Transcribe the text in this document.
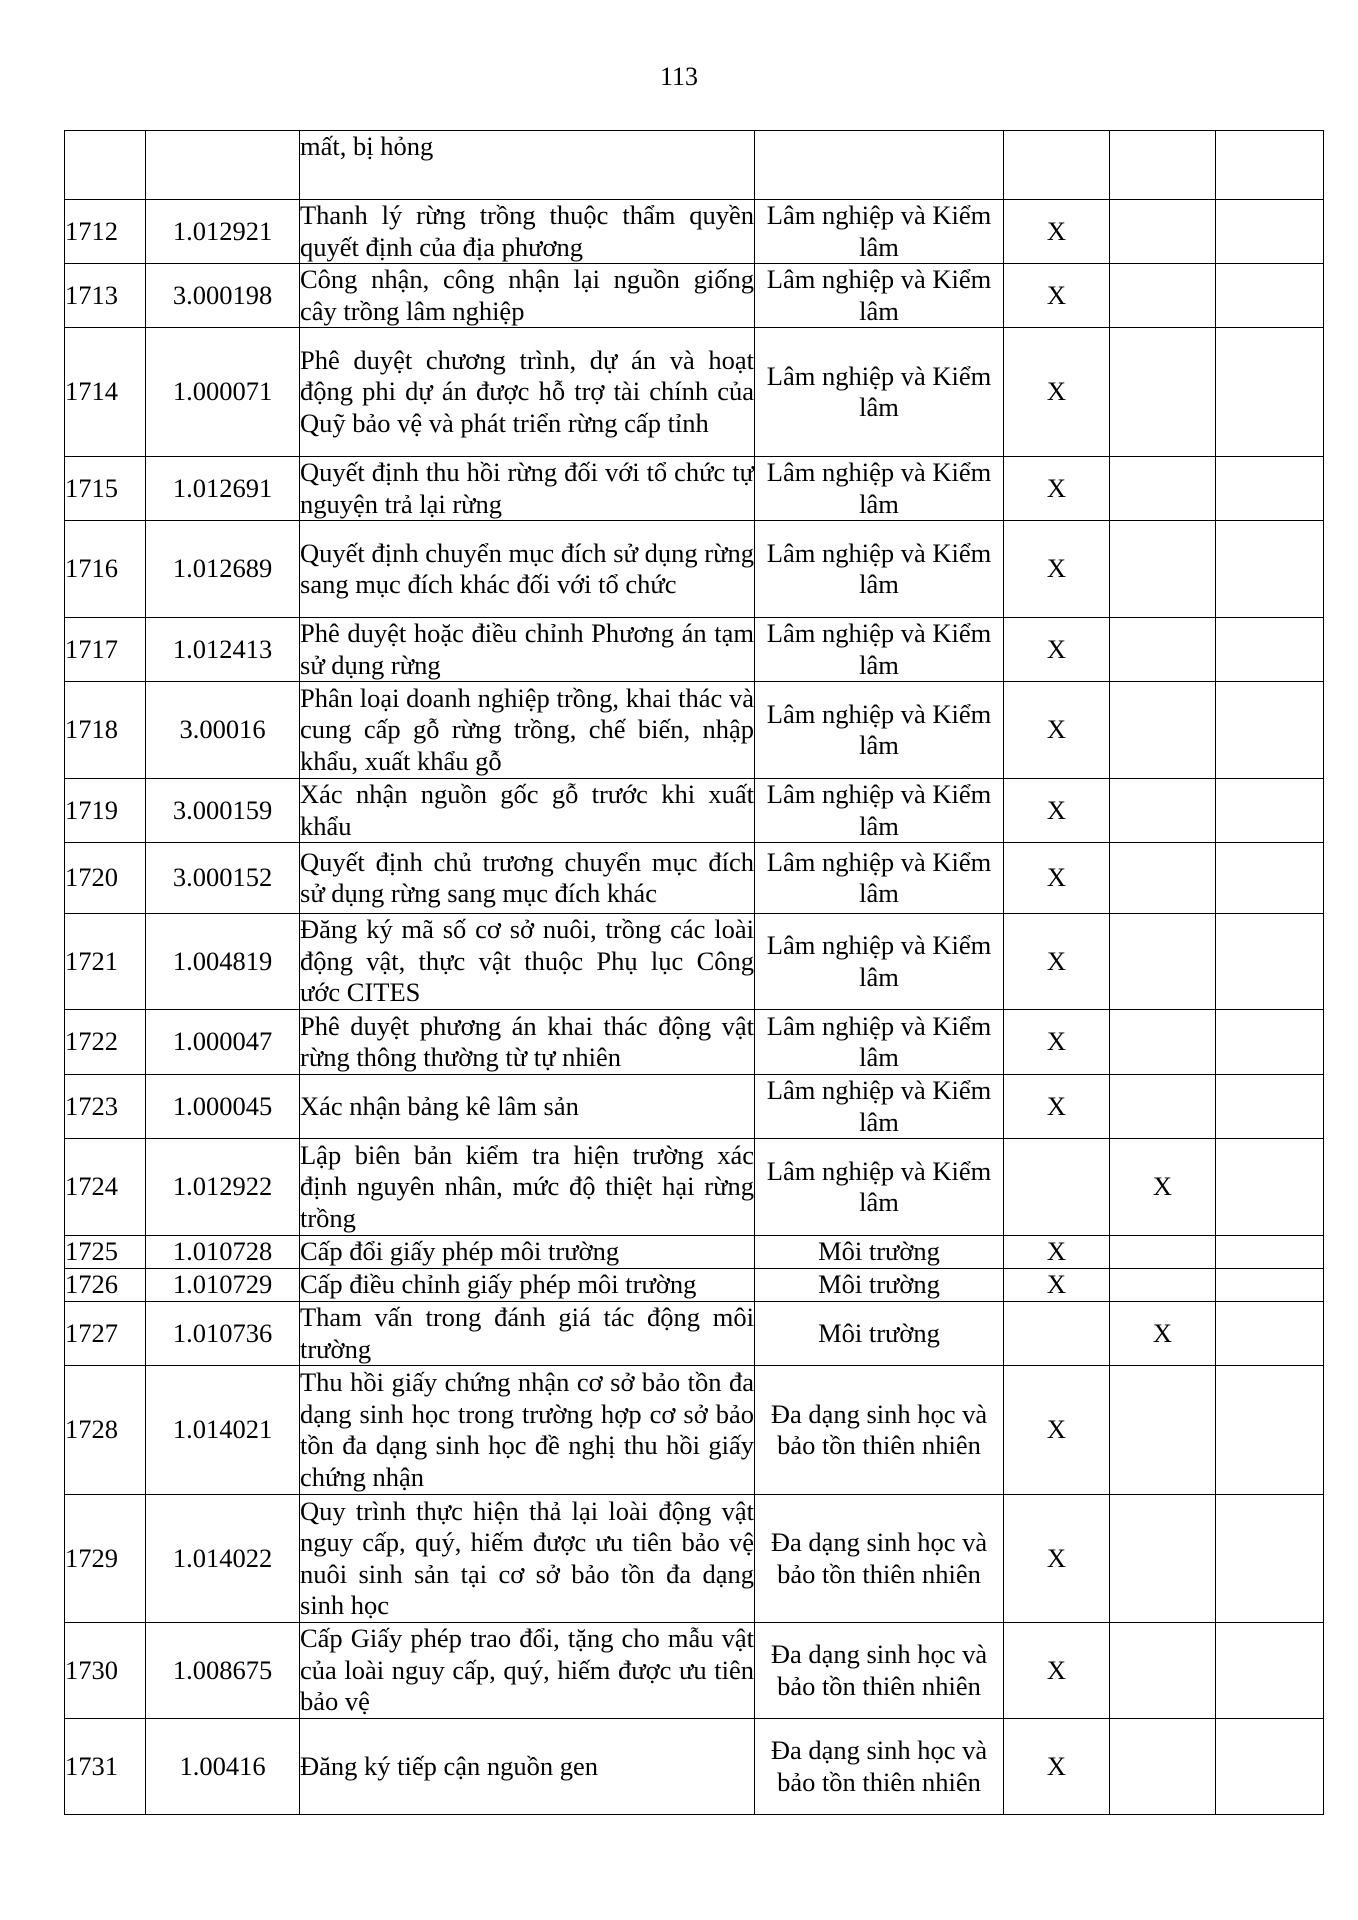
113
		mất, bị hỏng				
1712	1.012921	Thanh lý rừng trồng thuộc thẩm quyền quyết định của địa phương	Lâm nghiệp và Kiểm lâm	X		
1713	3.000198	Công nhận, công nhận lại nguồn giống cây trồng lâm nghiệp	Lâm nghiệp và Kiểm lâm	X		
1714	1.000071	Phê duyệt chương trình, dự án và hoạt động phi dự án được hỗ trợ tài chính của Quỹ bảo vệ và phát triển rừng cấp tỉnh	Lâm nghiệp và Kiểm lâm	X		
1715	1.012691	Quyết định thu hồi rừng đối với tổ chức tự nguyện trả lại rừng	Lâm nghiệp và Kiểm lâm	X		
1716	1.012689	Quyết định chuyển mục đích sử dụng rừng sang mục đích khác đối với tổ chức	Lâm nghiệp và Kiểm lâm	X		
1717	1.012413	Phê duyệt hoặc điều chỉnh Phương án tạm sử dụng rừng	Lâm nghiệp và Kiểm lâm	X		
1718	3.00016	Phân loại doanh nghiệp trồng, khai thác và cung cấp gỗ rừng trồng, chế biến, nhập khẩu, xuất khẩu gỗ	Lâm nghiệp và Kiểm lâm	X		
1719	3.000159	Xác nhận nguồn gốc gỗ trước khi xuất khẩu	Lâm nghiệp và Kiểm lâm	X		
1720	3.000152	Quyết định chủ trương chuyển mục đích sử dụng rừng sang mục đích khác	Lâm nghiệp và Kiểm lâm	X		
1721	1.004819	Đăng ký mã số cơ sở nuôi, trồng các loài động vật, thực vật thuộc Phụ lục Công ước CITES	Lâm nghiệp và Kiểm lâm	X		
1722	1.000047	Phê duyệt phương án khai thác động vật rừng thông thường từ tự nhiên	Lâm nghiệp và Kiểm lâm	X		
1723	1.000045	Xác nhận bảng kê lâm sản	Lâm nghiệp và Kiểm lâm	X		
1724	1.012922	Lập biên bản kiểm tra hiện trường xác định nguyên nhân, mức độ thiệt hại rừng trồng	Lâm nghiệp và Kiểm lâm		X	
1725	1.010728	Cấp đổi giấy phép môi trường	Môi trường	X		
1726	1.010729	Cấp điều chỉnh giấy phép môi trường	Môi trường	X		
1727	1.010736	Tham vấn trong đánh giá tác động môi trường	Môi trường		X	
1728	1.014021	Thu hồi giấy chứng nhận cơ sở bảo tồn đa dạng sinh học trong trường hợp cơ sở bảo tồn đa dạng sinh học đề nghị thu hồi giấy chứng nhận	Đa dạng sinh học và bảo tồn thiên nhiên	X		
1729	1.014022	Quy trình thực hiện thả lại loài động vật nguy cấp, quý, hiếm được ưu tiên bảo vệ nuôi sinh sản tại cơ sở bảo tồn đa dạng sinh học	Đa dạng sinh học và bảo tồn thiên nhiên	X		
1730	1.008675	Cấp Giấy phép trao đổi, tặng cho mẫu vật của loài nguy cấp, quý, hiếm được ưu tiên bảo vệ	Đa dạng sinh học và bảo tồn thiên nhiên	X		
1731	1.00416	Đăng ký tiếp cận nguồn gen	Đa dạng sinh học và bảo tồn thiên nhiên	X		
